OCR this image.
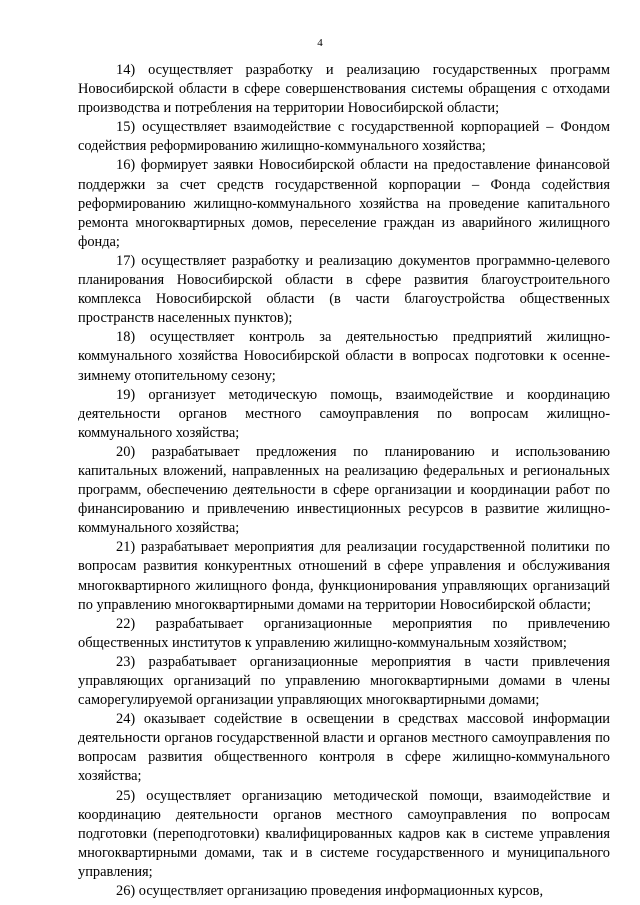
4

14) осуществляет разработку и реализацию государственных программ Новосибирской области в сфере совершенствования системы обращения с отходами производства и потребления на территории Новосибирской области;

15) осуществляет взаимодействие с государственной корпорацией – Фондом содействия реформированию жилищно-коммунального хозяйства;

16) формирует заявки Новосибирской области на предоставление финансовой поддержки за счет средств государственной корпорации – Фонда содействия реформированию жилищно-коммунального хозяйства на проведение капитального ремонта многоквартирных домов, переселение граждан из аварийного жилищного фонда;

17) осуществляет разработку и реализацию документов программно-целевого планирования Новосибирской области в сфере развития благоустроительного комплекса Новосибирской области (в части благоустройства общественных пространств населенных пунктов);

18) осуществляет контроль за деятельностью предприятий жилищно-коммунального хозяйства Новосибирской области в вопросах подготовки к осенне-зимнему отопительному сезону;

19) организует методическую помощь, взаимодействие и координацию деятельности органов местного самоуправления по вопросам жилищно-коммунального хозяйства;

20) разрабатывает предложения по планированию и использованию капитальных вложений, направленных на реализацию федеральных и региональных программ, обеспечению деятельности в сфере организации и координации работ по финансированию и привлечению инвестиционных ресурсов в развитие жилищно-коммунального хозяйства;

21) разрабатывает мероприятия для реализации государственной политики по вопросам развития конкурентных отношений в сфере управления и обслуживания многоквартирного жилищного фонда, функционирования управляющих организаций по управлению многоквартирными домами на территории Новосибирской области;

22) разрабатывает организационные мероприятия по привлечению общественных институтов к управлению жилищно-коммунальным хозяйством;

23) разрабатывает организационные мероприятия в части привлечения управляющих организаций по управлению многоквартирными домами в члены саморегулируемой организации управляющих многоквартирными домами;

24) оказывает содействие в освещении в средствах массовой информации деятельности органов государственной власти и органов местного самоуправления по вопросам развития общественного контроля в сфере жилищно-коммунального хозяйства;

25) осуществляет организацию методической помощи, взаимодействие и координацию деятельности органов местного самоуправления по вопросам подготовки (переподготовки) квалифицированных кадров как в системе управления многоквартирными домами, так и в системе государственного и муниципального управления;

26) осуществляет организацию проведения информационных курсов,
